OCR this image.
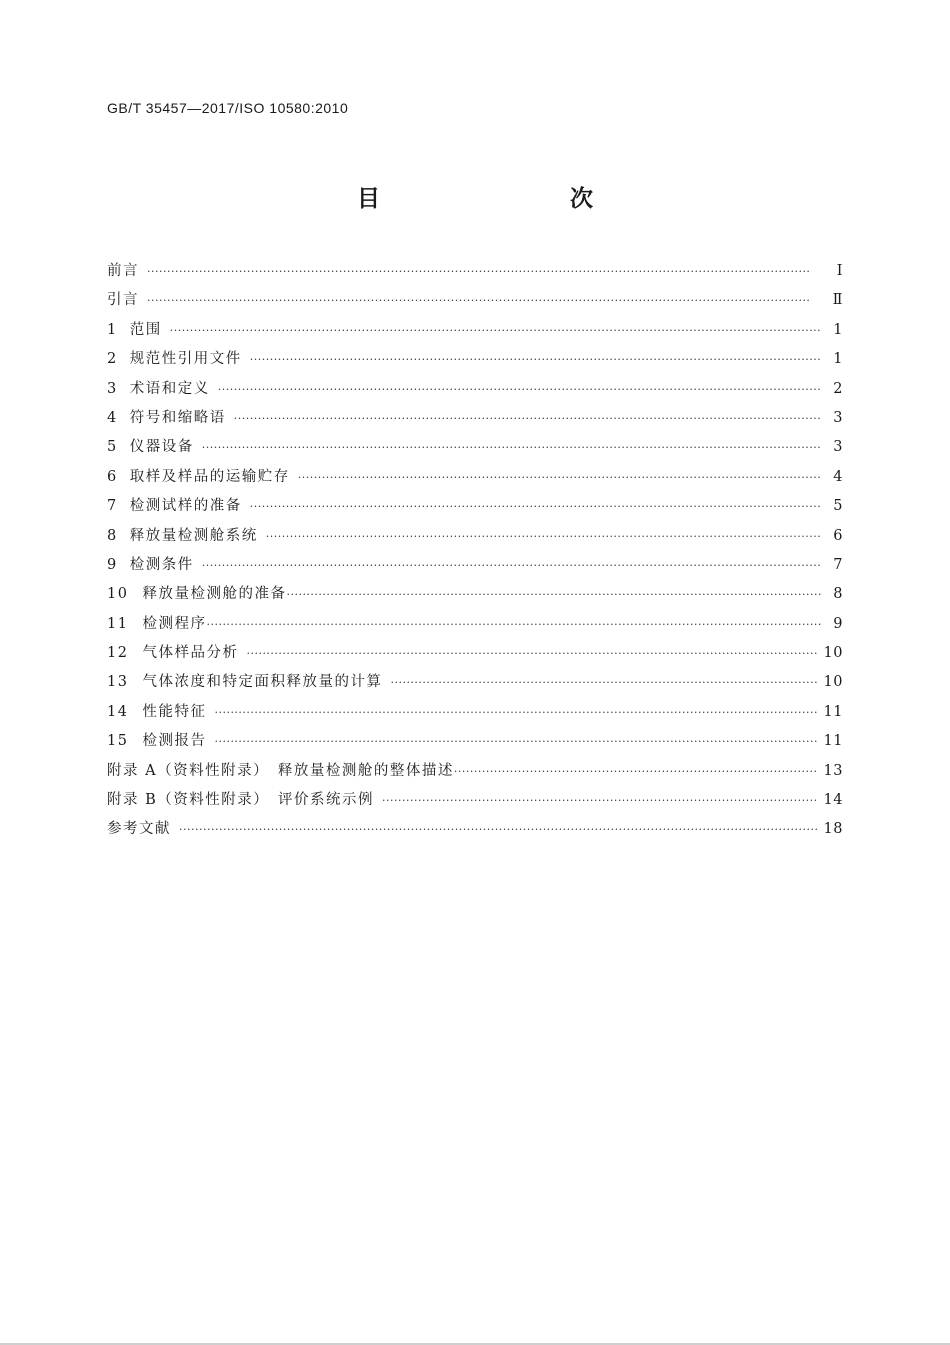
GB/T 35457—2017/ISO 10580:2010
目　　次
前言 ·····	Ⅰ
引言 ·····	Ⅱ
1 范围 ·····	1
2 规范性引用文件 ·····	1
3 术语和定义 ·····	2
4 符号和缩略语 ·····	3
5 仪器设备 ·····	3
6 取样及样品的运输贮存 ·····	4
7 检测试样的准备 ·····	5
8 释放量检测舱系统 ·····	6
9 检测条件 ·····	7
10 释放量检测舱的准备 ·····	8
11 检测程序 ·····	9
12 气体样品分析 ·····	10
13 气体浓度和特定面积释放量的计算 ·····	10
14 性能特征 ·····	11
15 检测报告 ·····	11
附录 A（资料性附录）　释放量检测舱的整体描述 ·····	13
附录 B（资料性附录）　评价系统示例 ·····	14
参考文献 ·····	18
